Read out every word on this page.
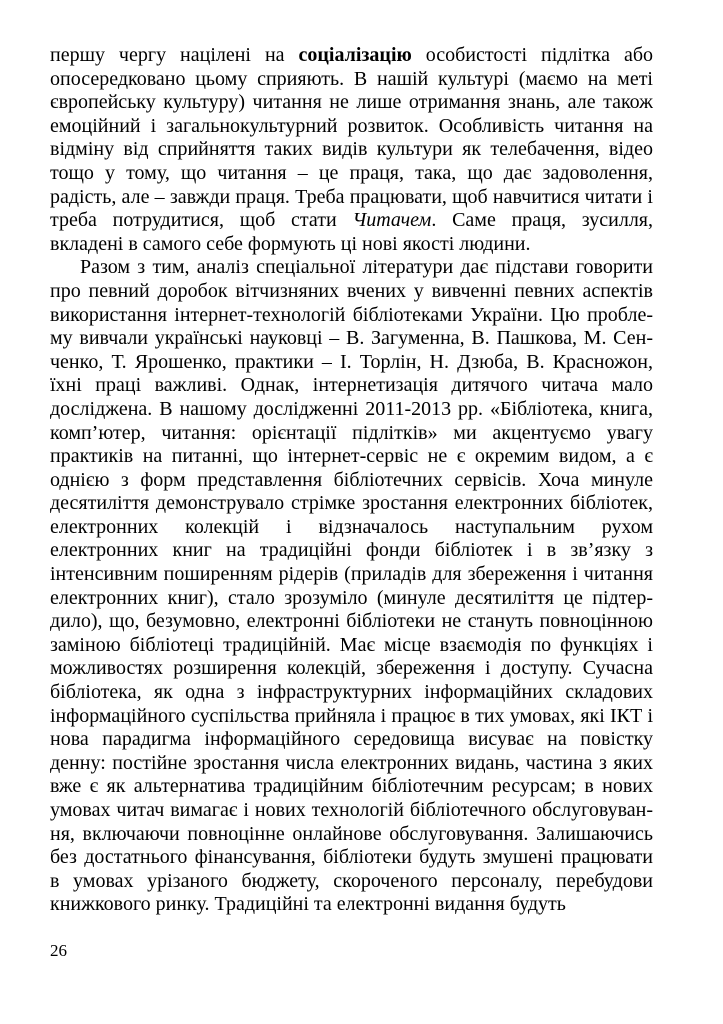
першу чергу націлені на соціалізацію особистості підлітка або
опосередковано цьому сприяють. В нашій культурі (маємо на меті
європейську культуру) читання не лише отримання знань, але також
емоційний і загальнокультурний розвиток. Особливість читання на
відміну від сприйняття таких видів культури як телебачення, відео
тощо у тому, що читання – це праця, така, що дає задоволення,
радість, але – завжди праця. Треба працювати, щоб навчитися читати і
треба потрудитися, щоб стати Читачем. Саме праця, зусилля,
вкладені в самого себе формують ці нові якості людини.
Разом з тим, аналіз спеціальної літератури дає підстави говорити
про певний доробок вітчизняних вчених у вивченні певних аспектів
використання інтернет-технологій бібліотеками України. Цю пробле-
му вивчали українські науковці – В. Загуменна, В. Пашкова, М. Сен-
ченко, Т. Ярошенко, практики – І. Торлін, Н. Дзюба, В. Красножон,
їхні праці важливі. Однак, інтернетизація дитячого читача мало
досліджена. В нашому дослідженні 2011-2013 рр. «Бібліотека, книга,
комп’ютер, читання: орієнтації підлітків» ми акцентуємо увагу
практиків на питанні, що інтернет-сервіс не є окремим видом, а є
однією з форм представлення бібліотечних сервісів. Хоча минуле
десятиліття демонструвало стрімке зростання електронних бібліотек,
електронних колекцій і відзначалось наступальним рухом
електронних книг на традиційні фонди бібліотек і в зв’язку з
інтенсивним поширенням рідерів (приладів для збереження і читання
електронних книг), стало зрозуміло (минуле десятиліття це підтер-
дило), що, безумовно, електронні бібліотеки не стануть повноцінною
заміною бібліотеці традиційній. Має місце взаємодія по функціях і
можливостях розширення колекцій, збереження і доступу. Сучасна
бібліотека, як одна з інфраструктурних інформаційних складових
інформаційного суспільства прийняла і працює в тих умовах, які ІКТ і
нова парадигма інформаційного середовища висуває на повістку
денну: постійне зростання числа електронних видань, частина з яких
вже є як альтернатива традиційним бібліотечним ресурсам; в нових
умовах читач вимагає і нових технологій бібліотечного обслуговуван-
ня, включаючи повноцінне онлайнове обслуговування. Залишаючись
без достатнього фінансування, бібліотеки будуть змушені працювати
в умовах урізаного бюджету, скороченого персоналу, перебудови
книжкового ринку. Традиційні та електронні видання будуть
26
